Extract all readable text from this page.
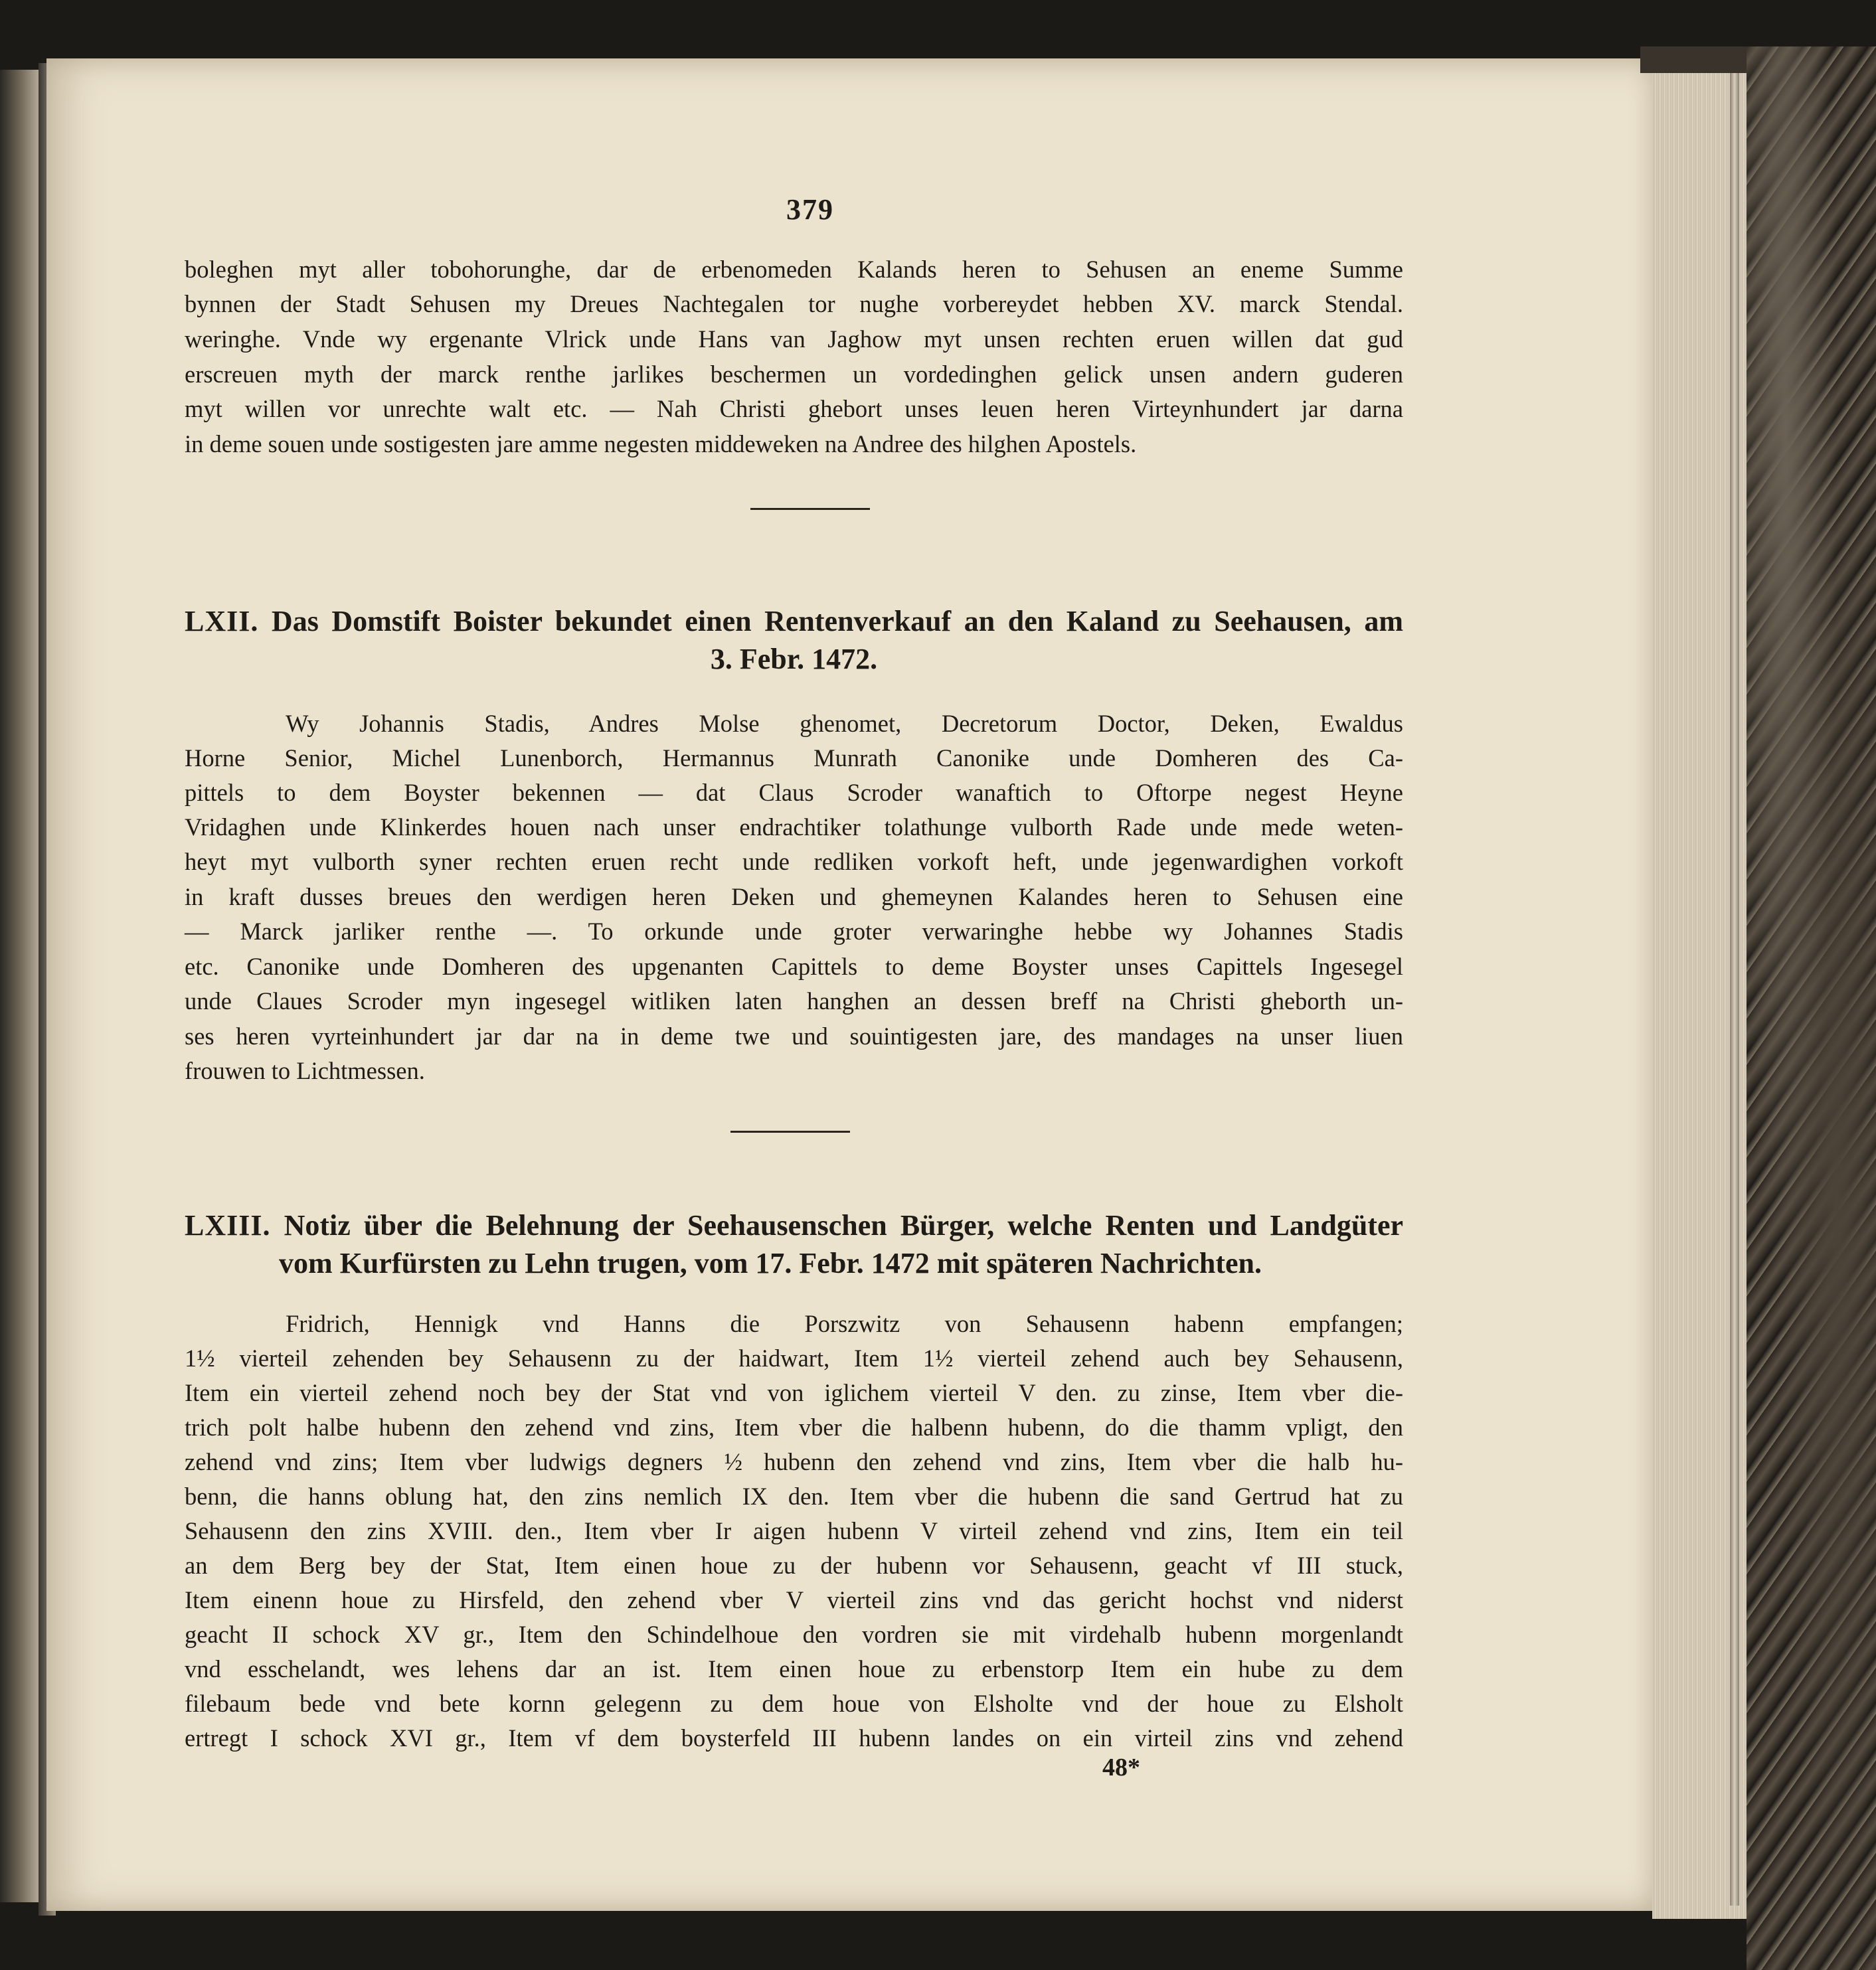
379
boleghen myt aller tobohorunghe, dar de erbenomeden Kalands heren to Sehusen an eneme Summe
bynnen der Stadt Sehusen my Dreues Nachtegalen tor nughe vorbereydet hebben XV. marck Stendal.
weringhe. Vnde wy ergenante Vlrick unde Hans van Jaghow myt unsen rechten eruen willen dat gud
erscreuen myth der marck renthe jarlikes beschermen un vordedinghen gelick unsen andern guderen
myt willen vor unrechte walt etc. — Nah Christi ghebort unses leuen heren Virteynhundert jar darna
in deme souen unde sostigesten jare amme negesten middeweken na Andree des hilghen Apostels.
LXII. Das Domstift Boister bekundet einen Rentenverkauf an den Kaland zu Seehausen, am
3. Febr. 1472.
Wy Johannis Stadis, Andres Molse ghenomet, Decretorum Doctor, Deken, Ewaldus
Horne Senior, Michel Lunenborch, Hermannus Munrath Canonike unde Domheren des Ca-
pittels to dem Boyster bekennen — dat Claus Scroder wanaftich to Oftorpe negest Heyne
Vridaghen unde Klinkerdes houen nach unser endrachtiker tolathunge vulborth Rade unde mede weten-
heyt myt vulborth syner rechten eruen recht unde redliken vorkoft heft, unde jegenwardighen vorkoft
in kraft dusses breues den werdigen heren Deken und ghemeynen Kalandes heren to Sehusen eine
— Marck jarliker renthe —. To orkunde unde groter verwaringhe hebbe wy Johannes Stadis
etc. Canonike unde Domheren des upgenanten Capittels to deme Boyster unses Capittels Ingesegel
unde Claues Scroder myn ingesegel witliken laten hanghen an dessen breff na Christi gheborth un-
ses heren vyrteinhundert jar dar na in deme twe und souintigesten jare, des mandages na unser liuen
frouwen to Lichtmessen.
LXIII. Notiz über die Belehnung der Seehausenschen Bürger, welche Renten und Landgüter
vom Kurfürsten zu Lehn trugen, vom 17. Febr. 1472 mit späteren Nachrichten.
Fridrich, Hennigk vnd Hanns die Porszwitz von Sehausenn habenn empfangen;
1½ vierteil zehenden bey Sehausenn zu der haidwart, Item 1½ vierteil zehend auch bey Sehausenn,
Item ein vierteil zehend noch bey der Stat vnd von iglichem vierteil V den. zu zinse, Item vber die-
trich polt halbe hubenn den zehend vnd zins, Item vber die halbenn hubenn, do die thamm vpligt, den
zehend vnd zins; Item vber ludwigs degners ½ hubenn den zehend vnd zins, Item vber die halb hu-
benn, die hanns oblung hat, den zins nemlich IX den. Item vber die hubenn die sand Gertrud hat zu
Sehausenn den zins XVIII. den., Item vber Ir aigen hubenn V virteil zehend vnd zins, Item ein teil
an dem Berg bey der Stat, Item einen houe zu der hubenn vor Sehausenn, geacht vf III stuck,
Item einenn houe zu Hirsfeld, den zehend vber V vierteil zins vnd das gericht hochst vnd niderst
geacht II schock XV gr., Item den Schindelhoue den vordren sie mit virdehalb hubenn morgenlandt
vnd esschelandt, wes lehens dar an ist. Item einen houe zu erbenstorp Item ein hube zu dem
filebaum bede vnd bete kornn gelegenn zu dem houe von Elsholte vnd der houe zu Elsholt
ertregt I schock XVI gr., Item vf dem boysterfeld III hubenn landes on ein virteil zins vnd zehend
48*
